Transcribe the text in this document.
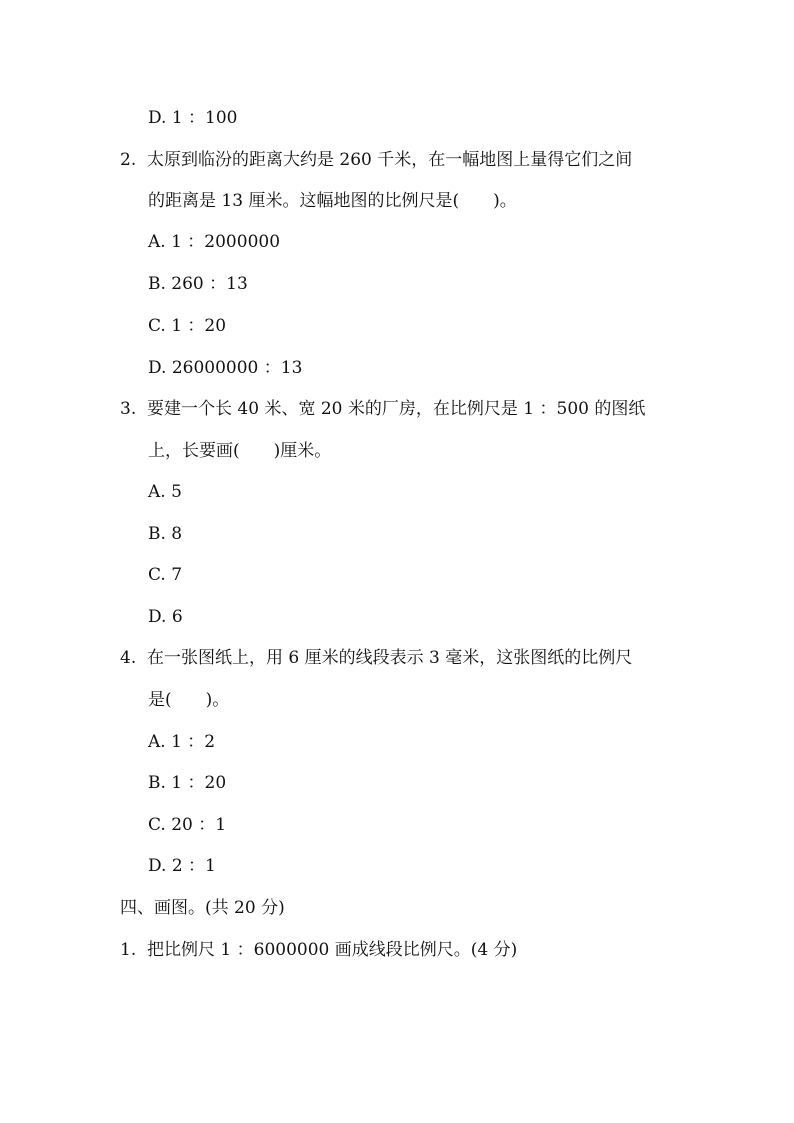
D. 1 ：100
2.  太原到临汾的距离大约是 260 千米，在一幅地图上量得它们之间
的距离是 13 厘米。这幅地图的比例尺是(　　)。
A. 1 ：2000000
B. 260 ：13
C. 1 ：20
D. 26000000 ：13
3.  要建一个长 40 米、宽 20 米的厂房，在比例尺是 1 ：500 的图纸
上，长要画(　　)厘米。
A. 5
B. 8
C. 7
D. 6
4.  在一张图纸上，用 6 厘米的线段表示 3 毫米，这张图纸的比例尺
是(　　)。
A. 1 ：2
B. 1 ：20
C. 20 ：1
D. 2 ：1
四、画图。(共 20 分)
1.  把比例尺 1 ：6000000 画成线段比例尺。(4 分)
